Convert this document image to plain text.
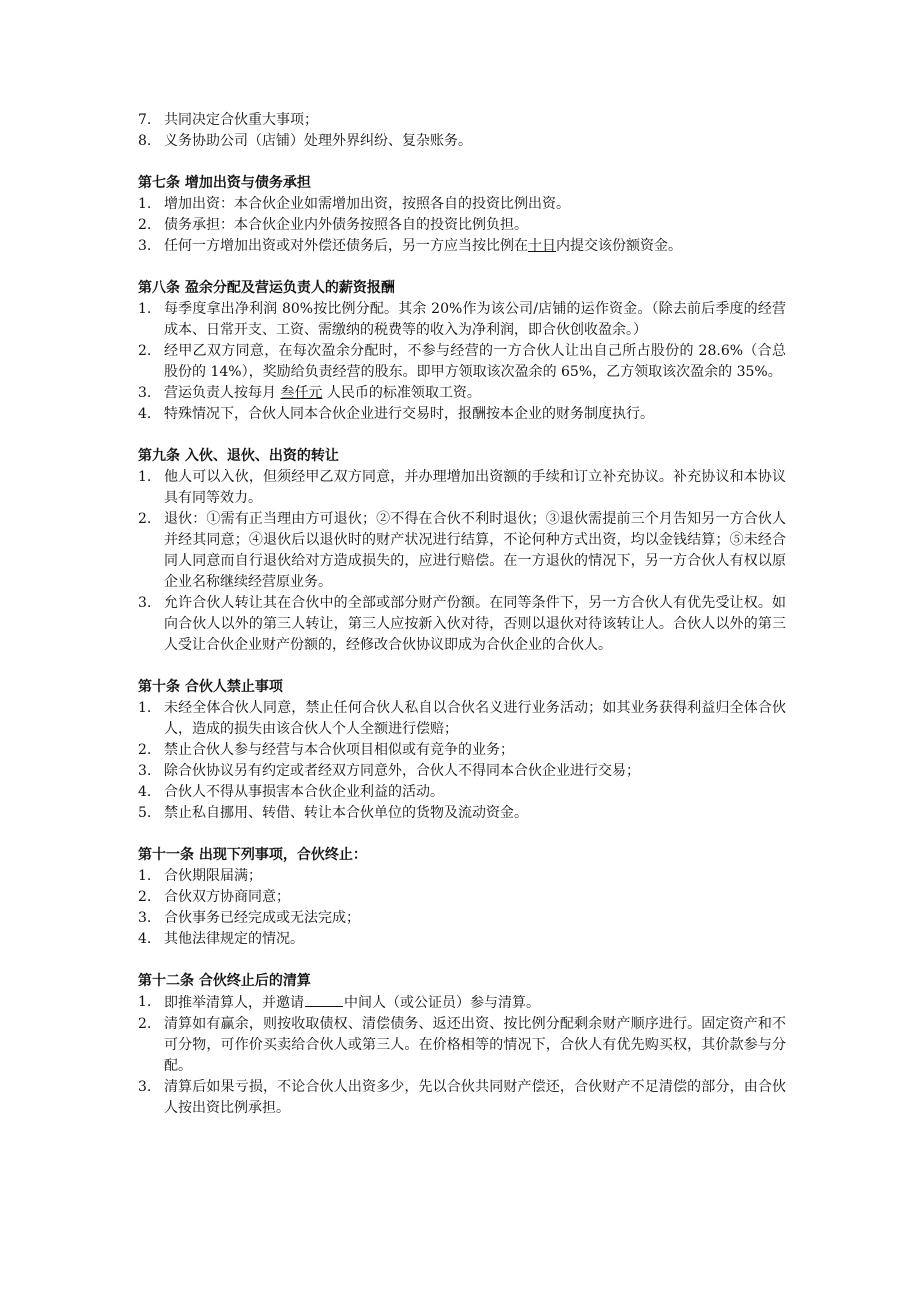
7. 共同决定合伙重大事项；
8. 义务协助公司（店铺）处理外界纠纷、复杂账务。
第七条 增加出资与债务承担
1. 增加出资：本合伙企业如需增加出资，按照各自的投资比例出资。
2. 债务承担：本合伙企业内外债务按照各自的投资比例负担。
3. 任何一方增加出资或对外偿还债务后，另一方应当按比例在十日内提交该份额资金。
第八条 盈余分配及营运负责人的薪资报酬
1. 每季度拿出净利润 80%按比例分配。其余 20%作为该公司/店铺的运作资金。（除去前后季度的经营成本、日常开支、工资、需缴纳的税费等的收入为净利润，即合伙创收盈余。）
2. 经甲乙双方同意，在每次盈余分配时，不参与经营的一方合伙人让出自己所占股份的 28.6%（合总股份的 14%），奖励给负责经营的股东。即甲方领取该次盈余的 65%，乙方领取该次盈余的 35%。
3. 营运负责人按每月 叁仟元 人民币的标准领取工资。
4. 特殊情况下，合伙人同本合伙企业进行交易时，报酬按本企业的财务制度执行。
第九条 入伙、退伙、出资的转让
1. 他人可以入伙，但须经甲乙双方同意，并办理增加出资额的手续和订立补充协议。补充协议和本协议具有同等效力。
2. 退伙：①需有正当理由方可退伙；②不得在合伙不利时退伙；③退伙需提前三个月告知另一方合伙人并经其同意；④退伙后以退伙时的财产状况进行结算，不论何种方式出资，均以金钱结算；⑤未经合同人同意而自行退伙给对方造成损失的，应进行赔偿。在一方退伙的情况下，另一方合伙人有权以原企业名称继续经营原业务。
3. 允许合伙人转让其在合伙中的全部或部分财产份额。在同等条件下，另一方合伙人有优先受让权。如向合伙人以外的第三人转让，第三人应按新入伙对待，否则以退伙对待该转让人。合伙人以外的第三人受让合伙企业财产份额的，经修改合伙协议即成为合伙企业的合伙人。
第十条 合伙人禁止事项
1. 未经全体合伙人同意，禁止任何合伙人私自以合伙名义进行业务活动；如其业务获得利益归全体合伙人，造成的损失由该合伙人个人全额进行偿赔；
2. 禁止合伙人参与经营与本合伙项目相似或有竞争的业务；
3. 除合伙协议另有约定或者经双方同意外，合伙人不得同本合伙企业进行交易；
4. 合伙人不得从事损害本合伙企业利益的活动。
5. 禁止私自挪用、转借、转让本合伙单位的货物及流动资金。
第十一条 出现下列事项，合伙终止：
1. 合伙期限届满；
2. 合伙双方协商同意；
3. 合伙事务已经完成或无法完成；
4. 其他法律规定的情况。
第十二条 合伙终止后的清算
1. 即推举清算人，并邀请	中间人（或公证员）参与清算。
2. 清算如有赢余，则按收取债权、清偿债务、返还出资、按比例分配剩余财产顺序进行。固定资产和不可分物，可作价买卖给合伙人或第三人。在价格相等的情况下，合伙人有优先购买权，其价款参与分配。
3. 清算后如果亏损，不论合伙人出资多少，先以合伙共同财产偿还，合伙财产不足清偿的部分，由合伙人按出资比例承担。
